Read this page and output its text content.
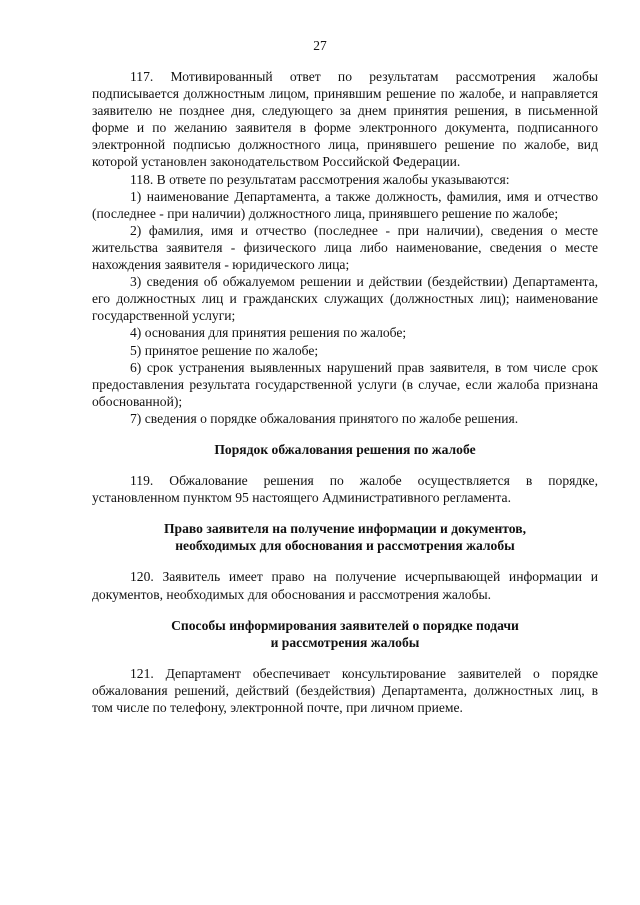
27

117. Мотивированный ответ по результатам рассмотрения жалобы подписывается должностным лицом, принявшим решение по жалобе, и направляется заявителю не позднее дня, следующего за днем принятия решения, в письменной форме и по желанию заявителя в форме электронного документа, подписанного электронной подписью должностного лица, принявшего решение по жалобе, вид которой установлен законодательством Российской Федерации.

118. В ответе по результатам рассмотрения жалобы указываются:

1) наименование Департамента, а также должность, фамилия, имя и отчество (последнее - при наличии) должностного лица, принявшего решение по жалобе;

2) фамилия, имя и отчество (последнее - при наличии), сведения о месте жительства заявителя - физического лица либо наименование, сведения о месте нахождения заявителя - юридического лица;

3) сведения об обжалуемом решении и действии (бездействии) Департамента, его должностных лиц и гражданских служащих (должностных лиц); наименование государственной услуги;

4) основания для принятия решения по жалобе;

5) принятое решение по жалобе;

6) срок устранения выявленных нарушений прав заявителя, в том числе срок предоставления результата государственной услуги (в случае, если жалоба признана обоснованной);

7) сведения о порядке обжалования принятого по жалобе решения.

Порядок обжалования решения по жалобе

119. Обжалование решения по жалобе осуществляется в порядке, установленном пунктом 95 настоящего Административного регламента.

Право заявителя на получение информации и документов,
необходимых для обоснования и рассмотрения жалобы

120. Заявитель имеет право на получение исчерпывающей информации и документов, необходимых для обоснования и рассмотрения жалобы.

Способы информирования заявителей о порядке подачи
и рассмотрения жалобы

121. Департамент обеспечивает консультирование заявителей о порядке обжалования решений, действий (бездействия) Департамента, должностных лиц, в том числе по телефону, электронной почте, при личном приеме.
